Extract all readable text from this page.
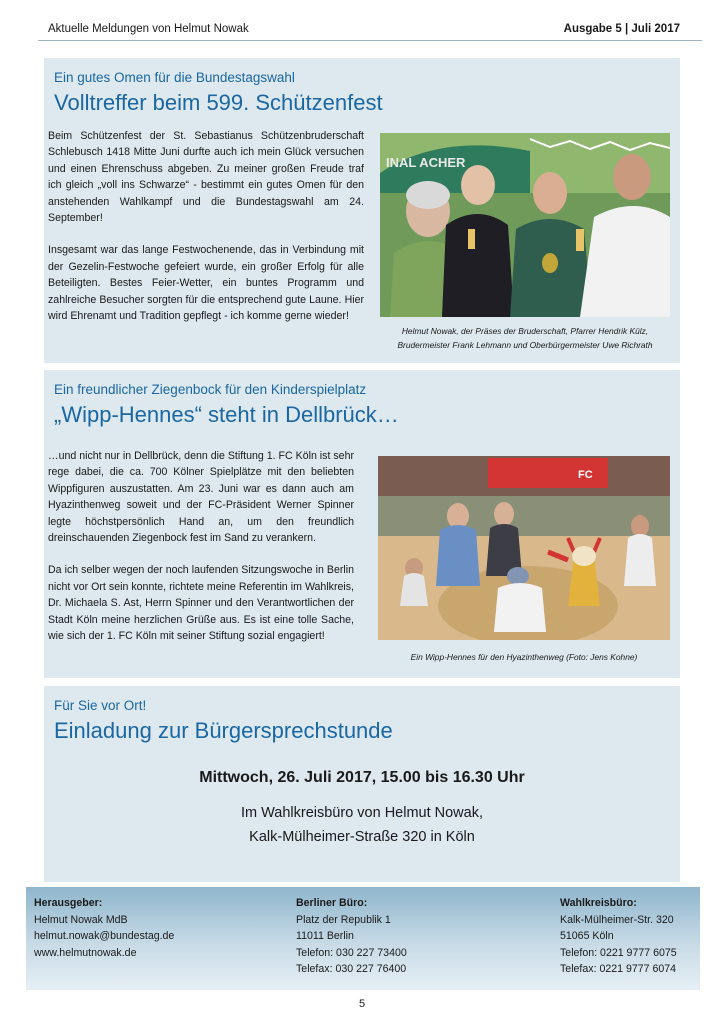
Aktuelle Meldungen von Helmut Nowak	Ausgabe 5 | Juli 2017
Ein gutes Omen für die Bundestagswahl
Volltreffer beim 599. Schützenfest

Beim Schützenfest der St. Sebastianus Schützenbruderschaft Schlebusch 1418 Mitte Juni durfte auch ich mein Glück versuchen und einen Ehrenschuss abgeben. Zu meiner großen Freude traf ich gleich „voll ins Schwarze“ - bestimmt ein gutes Omen für den anstehenden Wahlkampf und die Bundestagswahl am 24. September!

Insgesamt war das lange Festwochenende, das in Verbindung mit der Gezelin-Festwoche gefeiert wurde, ein großer Erfolg für alle Beteiligten. Bestes Feier-Wetter, ein buntes Programm und zahlreiche Besucher sorgten für die entsprechend gute Laune. Hier wird Ehrenamt und Tradition gepflegt - ich komme gerne wieder!

INAL ACHER
Helmut Nowak, der Präses der Bruderschaft, Pfarrer Hendrik Külz,
Brudermeister Frank Lehmann und Oberbürgermeister Uwe Richrath
Ein freundlicher Ziegenbock für den Kinderspielplatz
„Wipp-Hennes“ steht in Dellbrück…

…und nicht nur in Dellbrück, denn die Stiftung 1. FC Köln ist sehr rege dabei, die ca. 700 Kölner Spielplätze mit den beliebten Wippfiguren auszustatten. Am 23. Juni war es dann auch am Hyazinthenweg soweit und der FC-Präsident Werner Spinner legte höchstpersönlich Hand an, um den freundlich dreinschauenden Ziegenbock fest im Sand zu verankern.

Da ich selber wegen der noch laufenden Sitzungswoche in Berlin nicht vor Ort sein konnte, richtete meine Referentin im Wahlkreis, Dr. Michaela S. Ast, Herrn Spinner und den Verantwortlichen der Stadt Köln meine herzlichen Grüße aus. Es ist eine tolle Sache, wie sich der 1. FC Köln mit seiner Stiftung sozial engagiert!

FC
Ein Wipp-Hennes für den Hyazinthenweg (Foto: Jens Kohne)
Für Sie vor Ort!
Einladung zur Bürgersprechstunde
Mittwoch, 26. Juli 2017, 15.00 bis 16.30 Uhr
Im Wahlkreisbüro von Helmut Nowak,
Kalk-Mülheimer-Straße 320 in Köln
Herausgeber:
Helmut Nowak MdB
helmut.nowak@bundestag.de
www.helmutnowak.de
Berliner Büro:
Platz der Republik 1
11011 Berlin
Telefon: 030 227 73400
Telefax: 030 227 76400
Wahlkreisbüro:
Kalk-Mülheimer-Str. 320
51065 Köln
Telefon: 0221 9777 6075
Telefax: 0221 9777 6074
5
